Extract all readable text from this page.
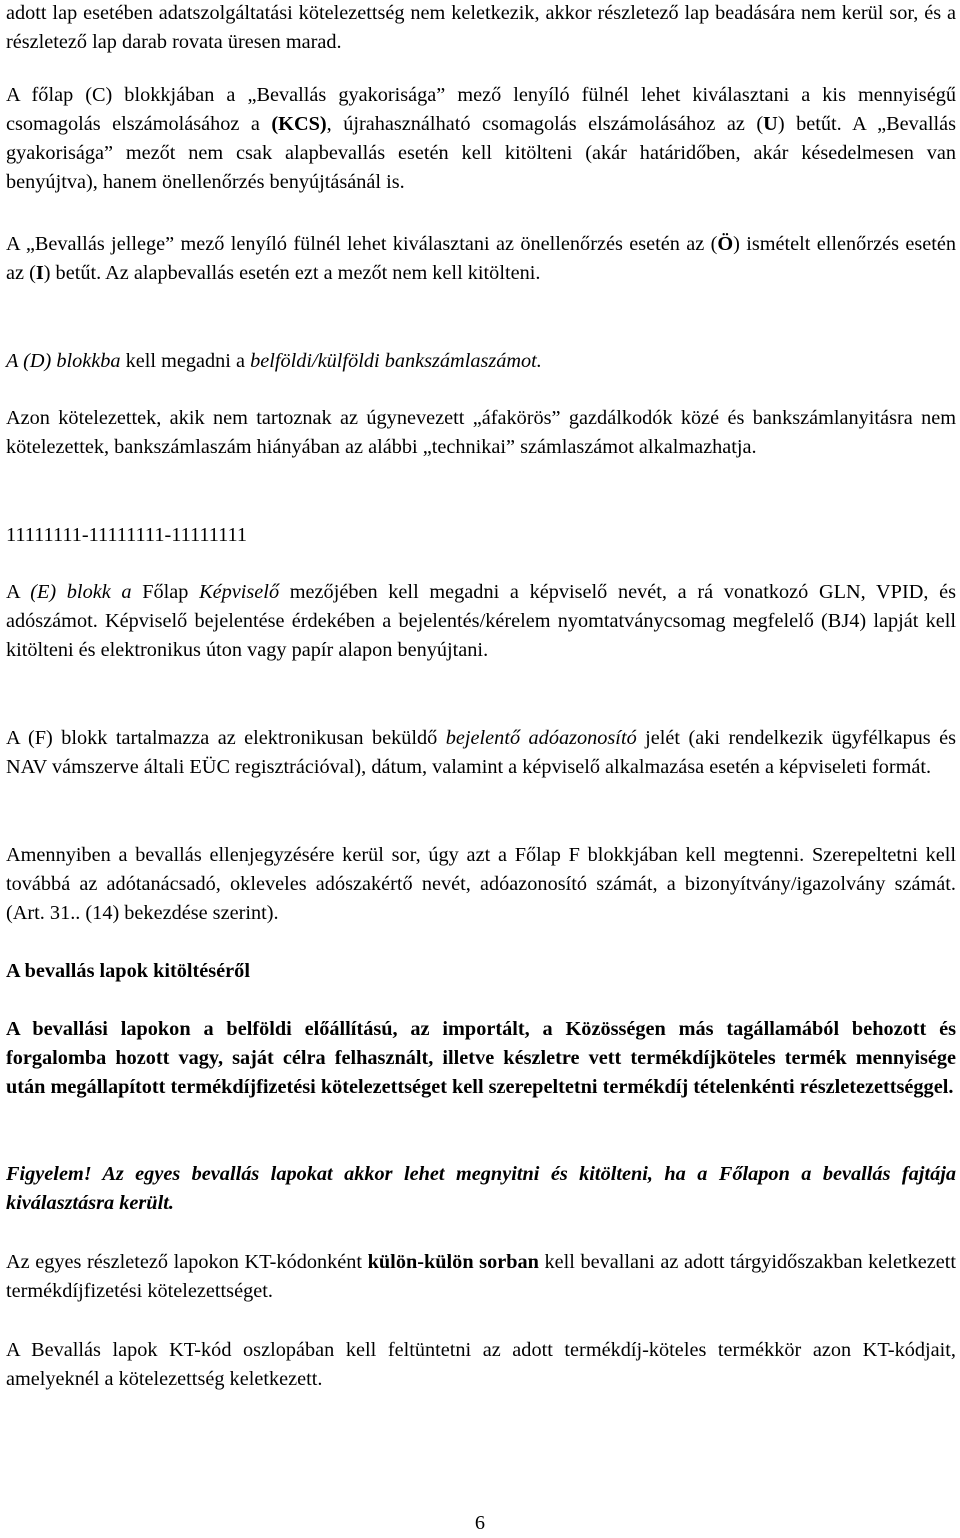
adott lap esetében adatszolgáltatási kötelezettség nem keletkezik, akkor részletező lap beadására nem kerül sor, és a részletező lap darab rovata üresen marad.

A főlap (C) blokkjában a „Bevallás gyakorisága” mező lenyíló fülnél lehet kiválasztani a kis mennyiségű csomagolás elszámolásához a (KCS), újrahasználható csomagolás elszámolásához az (U) betűt. A „Bevallás gyakorisága” mezőt nem csak alapbevallás esetén kell kitölteni (akár határidőben, akár késedelmesen van benyújtva), hanem önellenőrzés benyújtásánál is.

A „Bevallás jellege” mező lenyíló fülnél lehet kiválasztani az önellenőrzés esetén az (Ö) ismételt ellenőrzés esetén az (I) betűt. Az alapbevallás esetén ezt a mezőt nem kell kitölteni.

A (D) blokkba kell megadni a belföldi/külföldi bankszámlaszámot.

Azon kötelezettek, akik nem tartoznak az úgynevezett „áfakörös” gazdálkodók közé és bankszámlanyitásra nem kötelezettek, bankszámlaszám hiányában az alábbi „technikai” számlaszámot alkalmazhatja.

11111111-11111111-11111111

A (E) blokk a Főlap Képviselő mezőjében kell megadni a képviselő nevét, a rá vonatkozó GLN, VPID, és adószámot. Képviselő bejelentése érdekében a bejelentés/kérelem nyomtatványcsomag megfelelő (BJ4) lapját kell kitölteni és elektronikus úton vagy papír alapon benyújtani.

A (F) blokk tartalmazza az elektronikusan beküldő bejelentő adóazonosító jelét (aki rendelkezik ügyfélkapus és NAV vámszerve általi EÜC regisztrációval), dátum, valamint a képviselő alkalmazása esetén a képviseleti formát.

Amennyiben a bevallás ellenjegyzésére kerül sor, úgy azt a Főlap F blokkjában kell megtenni. Szerepeltetni kell továbbá az adótanácsadó, okleveles adószakértő nevét, adóazonosító számát, a bizonyítvány/igazolvány számát. (Art. 31.. (14) bekezdése szerint).

A bevallás lapok kitöltéséről

A bevallási lapokon a belföldi előállítású, az importált, a Közösségen más tagállamából behozott és forgalomba hozott vagy, saját célra felhasznált, illetve készletre vett termékdíjköteles termék mennyisége után megállapított termékdíjfizetési kötelezettséget kell szerepeltetni termékdíj tételenkénti részletezettséggel.

Figyelem! Az egyes bevallás lapokat akkor lehet megnyitni és kitölteni, ha a Főlapon a bevallás fajtája kiválasztásra került.

Az egyes részletező lapokon KT-kódonként külön-külön sorban kell bevallani az adott tárgyidőszakban keletkezett termékdíjfizetési kötelezettséget.

A Bevallás lapok KT-kód oszlopában kell feltüntetni az adott termékdíj-köteles termékkör azon KT-kódjait, amelyeknél a kötelezettség keletkezett.

6
